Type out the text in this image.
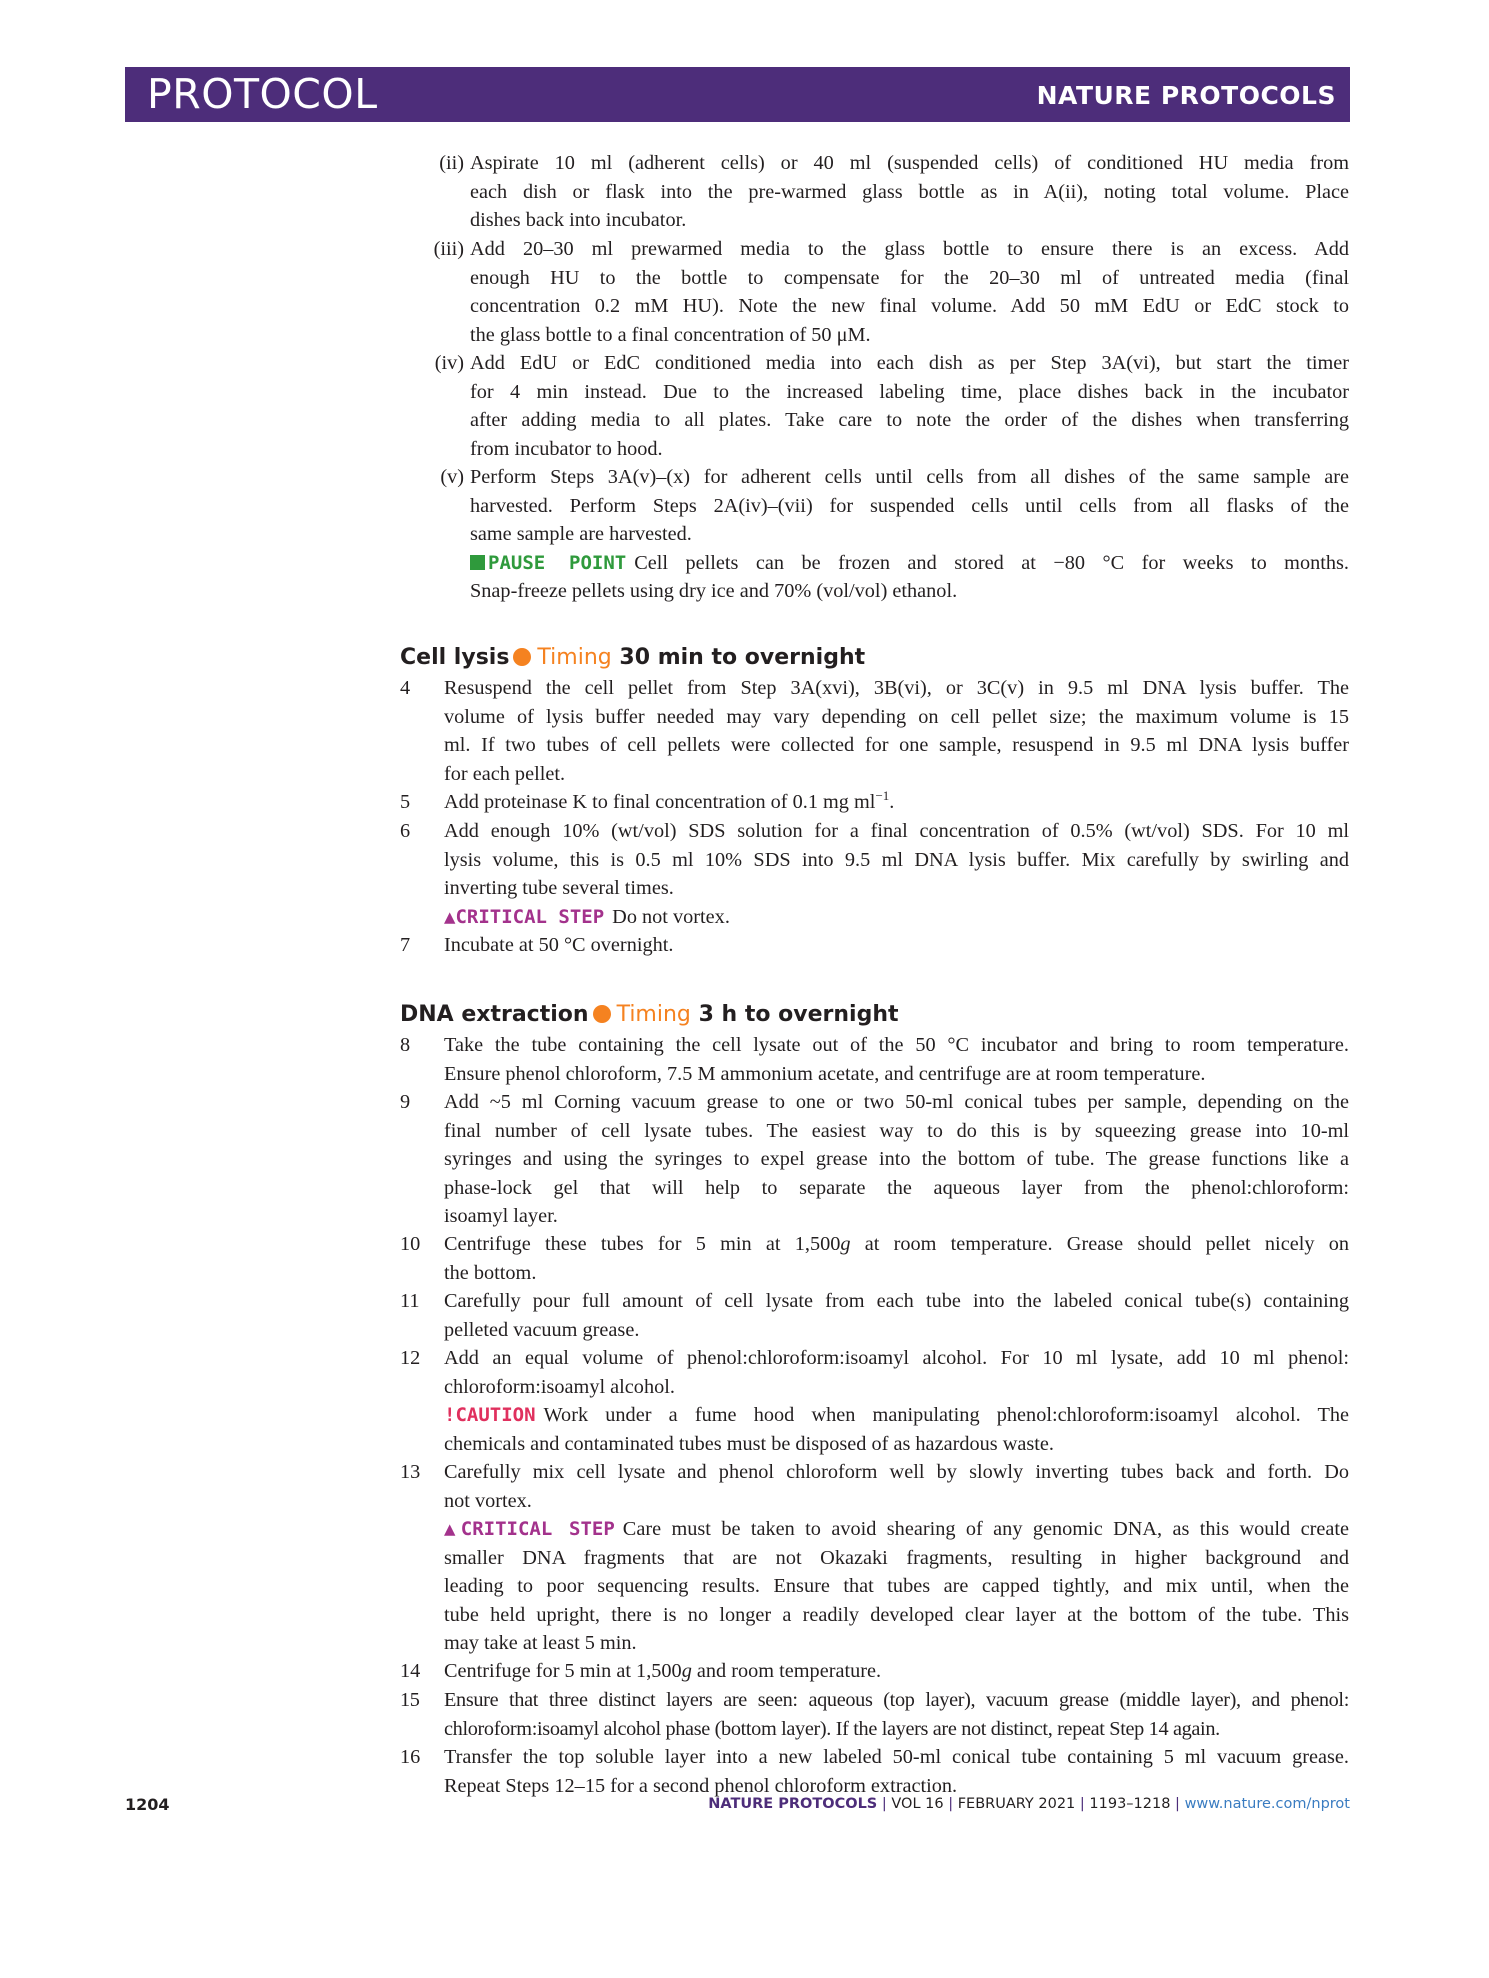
PROTOCOL	NATURE PROTOCOLS
(ii) Aspirate 10 ml (adherent cells) or 40 ml (suspended cells) of conditioned HU media from
each dish or flask into the pre-warmed glass bottle as in A(ii), noting total volume. Place
dishes back into incubator.
(iii) Add 20–30 ml prewarmed media to the glass bottle to ensure there is an excess. Add
enough HU to the bottle to compensate for the 20–30 ml of untreated media (final
concentration 0.2 mM HU). Note the new final volume. Add 50 mM EdU or EdC stock to
the glass bottle to a final concentration of 50 μM.
(iv) Add EdU or EdC conditioned media into each dish as per Step 3A(vi), but start the timer
for 4 min instead. Due to the increased labeling time, place dishes back in the incubator
after adding media to all plates. Take care to note the order of the dishes when transferring
from incubator to hood.
(v) Perform Steps 3A(v)–(x) for adherent cells until cells from all dishes of the same sample are
harvested. Perform Steps 2A(iv)–(vii) for suspended cells until cells from all flasks of the
same sample are harvested.
PAUSE POINT Cell pellets can be frozen and stored at −80 °C for weeks to months.
Snap-freeze pellets using dry ice and 70% (vol/vol) ethanol.
Cell lysis Timing 30 min to overnight
4 Resuspend the cell pellet from Step 3A(xvi), 3B(vi), or 3C(v) in 9.5 ml DNA lysis buffer. The
volume of lysis buffer needed may vary depending on cell pellet size; the maximum volume is 15
ml. If two tubes of cell pellets were collected for one sample, resuspend in 9.5 ml DNA lysis buffer
for each pellet.
5 Add proteinase K to final concentration of 0.1 mg $ml^{-1}$.
6 Add enough 10% (wt/vol) SDS solution for a final concentration of 0.5% (wt/vol) SDS. For 10 ml
lysis volume, this is 0.5 ml 10% SDS into 9.5 ml DNA lysis buffer. Mix carefully by swirling and
inverting tube several times.
▲CRITICAL STEP Do not vortex.
7 Incubate at 50 °C overnight.
DNA extraction Timing 3 h to overnight
8 Take the tube containing the cell lysate out of the 50 °C incubator and bring to room temperature.
Ensure phenol chloroform, 7.5 M ammonium acetate, and centrifuge are at room temperature.
9 Add ~5 ml Corning vacuum grease to one or two 50-ml conical tubes per sample, depending on the
final number of cell lysate tubes. The easiest way to do this is by squeezing grease into 10-ml
syringes and using the syringes to expel grease into the bottom of tube. The grease functions like a
phase-lock gel that will help to separate the aqueous layer from the phenol:chloroform:
isoamyl layer.
10 Centrifuge these tubes for 5 min at 1,500g at room temperature. Grease should pellet nicely on
the bottom.
11 Carefully pour full amount of cell lysate from each tube into the labeled conical tube(s) containing
pelleted vacuum grease.
12 Add an equal volume of phenol:chloroform:isoamyl alcohol. For 10 ml lysate, add 10 ml phenol:
chloroform:isoamyl alcohol.
!CAUTION Work under a fume hood when manipulating phenol:chloroform:isoamyl alcohol. The
chemicals and contaminated tubes must be disposed of as hazardous waste.
13 Carefully mix cell lysate and phenol chloroform well by slowly inverting tubes back and forth. Do
not vortex.
▲CRITICAL STEP Care must be taken to avoid shearing of any genomic DNA, as this would create
smaller DNA fragments that are not Okazaki fragments, resulting in higher background and
leading to poor sequencing results. Ensure that tubes are capped tightly, and mix until, when the
tube held upright, there is no longer a readily developed clear layer at the bottom of the tube. This
may take at least 5 min.
14 Centrifuge for 5 min at 1,500g and room temperature.
15 Ensure that three distinct layers are seen: aqueous (top layer), vacuum grease (middle layer), and phenol:
chloroform:isoamyl alcohol phase (bottom layer). If the layers are not distinct, repeat Step 14 again.
16 Transfer the top soluble layer into a new labeled 50-ml conical tube containing 5 ml vacuum grease.
Repeat Steps 12–15 for a second phenol chloroform extraction.
1204	NATURE PROTOCOLS | VOL 16 | FEBRUARY 2021 | 1193–1218 | www.nature.com/nprot
